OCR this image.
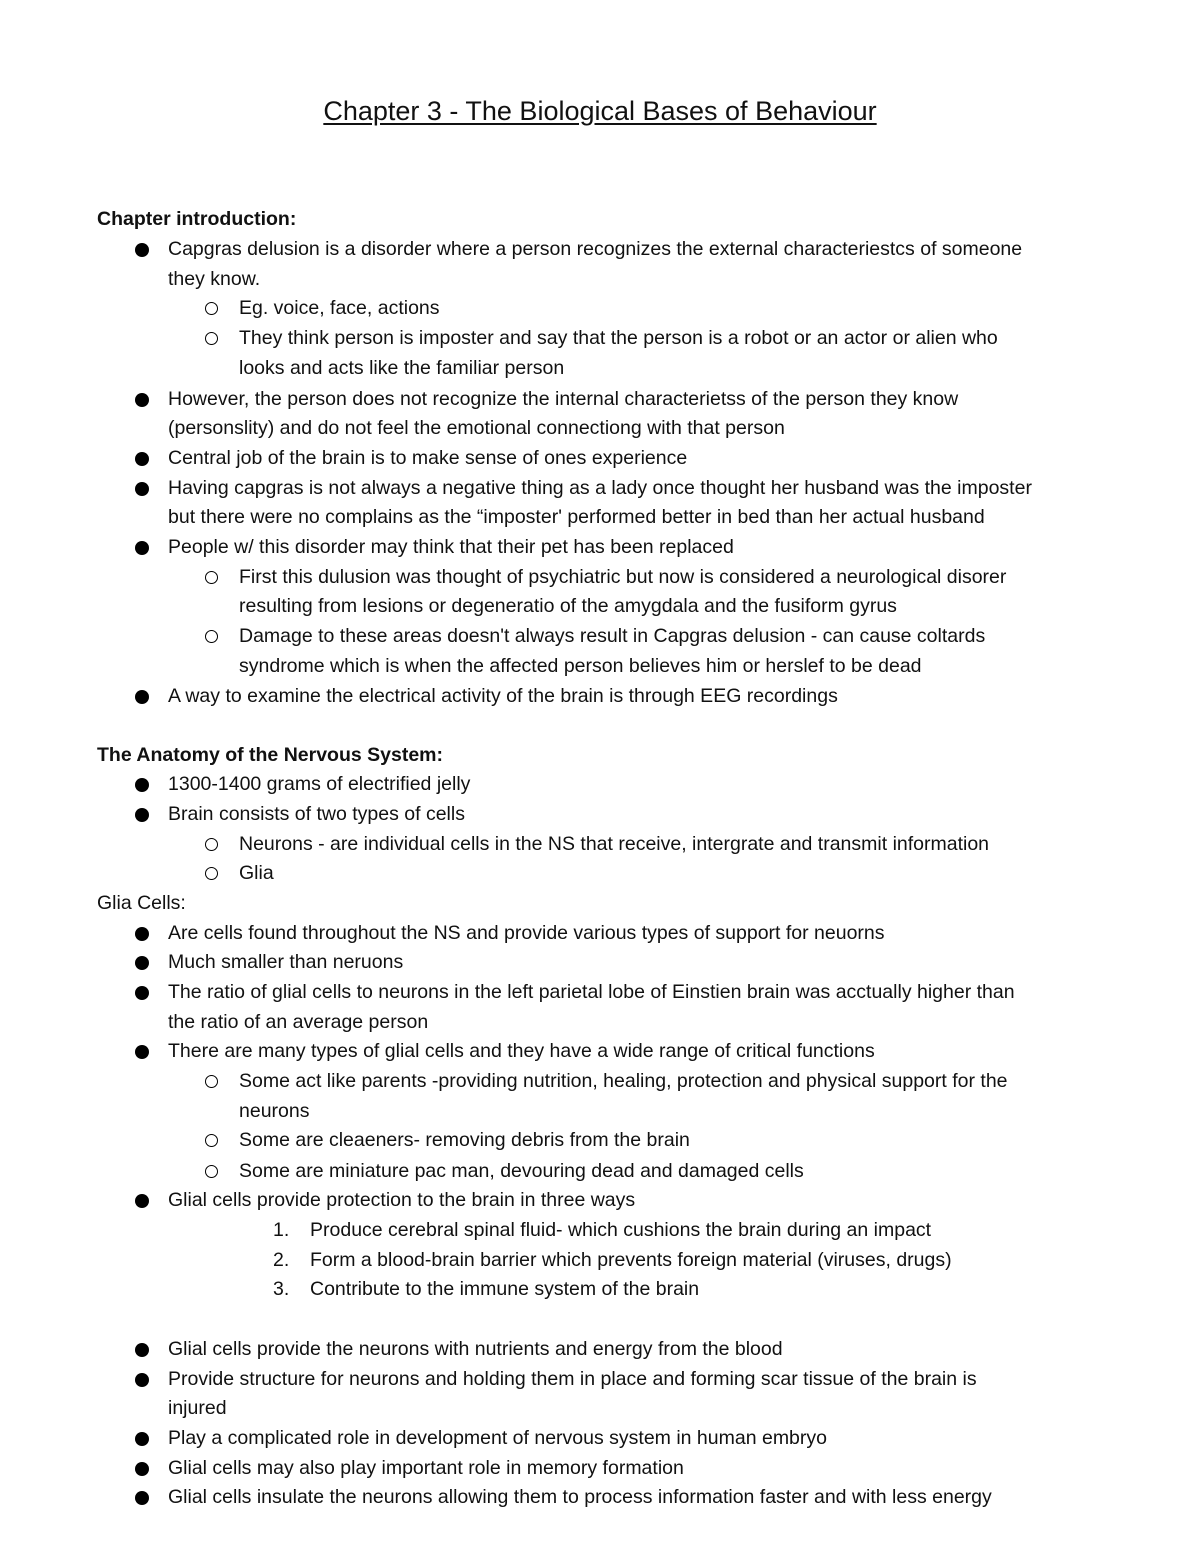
Chapter 3 - The Biological Bases of Behaviour
Chapter introduction:
Capgras delusion is a disorder where a person recognizes the external characteriestcs of someone
they know.
Eg. voice, face, actions
They think person is imposter and say that the person is a robot or an actor or alien who
looks and acts like the familiar person
However, the person does not recognize the internal characterietss of the person they know
(personslity) and do not feel the emotional connectiong with that person
Central job of the brain is to make sense of ones experience
Having capgras is not always a negative thing as a lady once thought her husband was the imposter
but there were no complains as the “imposter' performed better in bed than her actual husband
People w/ this disorder may think that their pet has been replaced
First this dulusion was thought of psychiatric but now is considered a neurological disorer
resulting from lesions or degeneratio of the amygdala and the fusiform gyrus
Damage to these areas doesn't always result in Capgras delusion - can cause coltards
syndrome which is when the affected person believes him or herslef to be dead
A way to examine the electrical activity of the brain is through EEG recordings
The Anatomy of the Nervous System:
1300-1400 grams of electrified jelly
Brain consists of two types of cells
Neurons - are individual cells in the NS that receive, intergrate and transmit information
Glia
Glia Cells:
Are cells found throughout the NS and provide various types of support for neuorns
Much smaller than neruons
The ratio of glial cells to neurons in the left parietal lobe of Einstien brain was acctually higher than
the ratio of an average person
There are many types of glial cells and they have a wide range of critical functions
Some act like parents -providing nutrition, healing, protection and physical support for the
neurons
Some are cleaeners- removing debris from the brain
Some are miniature pac man, devouring dead and damaged cells
Glial cells provide protection to the brain in three ways
1. Produce cerebral spinal fluid- which cushions the brain during an impact
2. Form a blood-brain barrier which prevents foreign material (viruses, drugs)
3. Contribute to the immune system of the brain
Glial cells provide the neurons with nutrients and energy from the blood
Provide structure for neurons and holding them in place and forming scar tissue of the brain is
injured
Play a complicated role in development of nervous system in human embryo
Glial cells may also play important role in memory formation
Glial cells insulate the neurons allowing them to process information faster and with less energy
